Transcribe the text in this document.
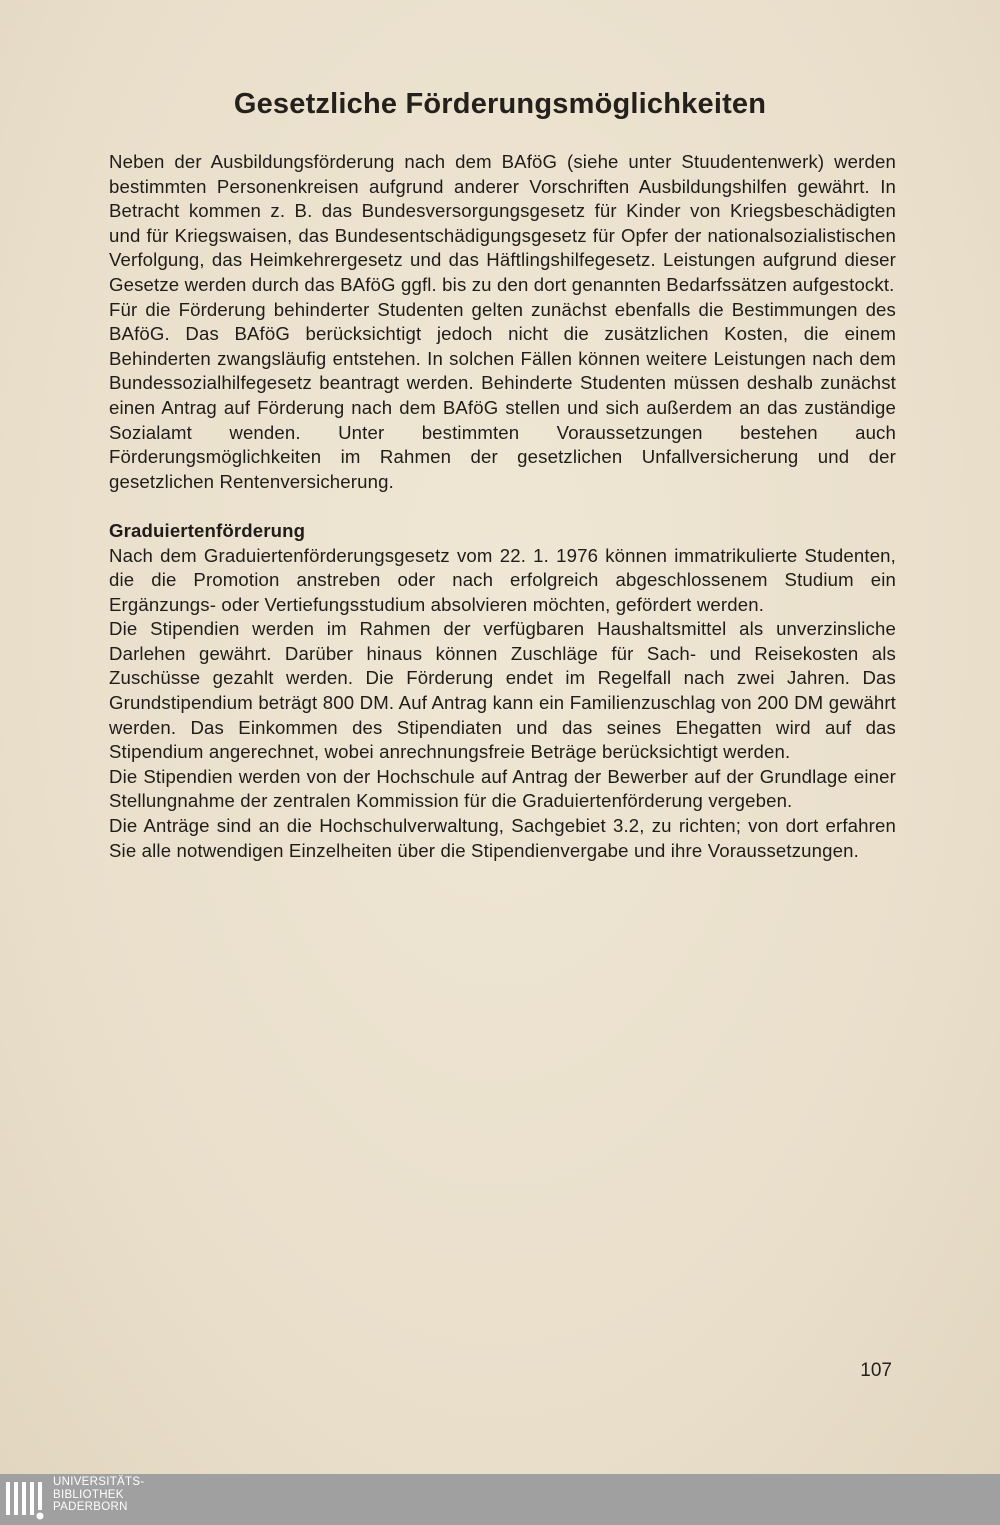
Gesetzliche Förderungsmöglichkeiten

Neben der Ausbildungsförderung nach dem BAföG (siehe unter Stuudentenwerk) werden bestimmten Personenkreisen aufgrund anderer Vorschriften Ausbildungshilfen gewährt. In Betracht kommen z. B. das Bundesversorgungsgesetz für Kinder von Kriegsbeschädigten und für Kriegswaisen, das Bundesentschädigungsgesetz für Opfer der nationalsozialistischen Verfolgung, das Heimkehrergesetz und das Häftlingshilfegesetz. Leistungen aufgrund dieser Gesetze werden durch das BAföG ggfl. bis zu den dort genannten Bedarfssätzen aufgestockt.

Für die Förderung behinderter Studenten gelten zunächst ebenfalls die Bestimmungen des BAföG. Das BAföG berücksichtigt jedoch nicht die zusätzlichen Kosten, die einem Behinderten zwangsläufig entstehen. In solchen Fällen können weitere Leistungen nach dem Bundessozialhilfegesetz beantragt werden. Behinderte Studenten müssen deshalb zunächst einen Antrag auf Förderung nach dem BAföG stellen und sich außerdem an das zuständige Sozialamt wenden. Unter bestimmten Voraussetzungen bestehen auch Förderungsmöglichkeiten im Rahmen der gesetzlichen Unfallversicherung und der gesetzlichen Rentenversicherung.

Graduiertenförderung

Nach dem Graduiertenförderungsgesetz vom 22. 1. 1976 können immatrikulierte Studenten, die die Promotion anstreben oder nach erfolgreich abgeschlossenem Studium ein Ergänzungs- oder Vertiefungsstudium absolvieren möchten, gefördert werden.

Die Stipendien werden im Rahmen der verfügbaren Haushaltsmittel als unverzinsliche Darlehen gewährt. Darüber hinaus können Zuschläge für Sach- und Reisekosten als Zuschüsse gezahlt werden. Die Förderung endet im Regelfall nach zwei Jahren. Das Grundstipendium beträgt 800 DM. Auf Antrag kann ein Familienzuschlag von 200 DM gewährt werden. Das Einkommen des Stipendiaten und das seines Ehegatten wird auf das Stipendium angerechnet, wobei anrechnungsfreie Beträge berücksichtigt werden.

Die Stipendien werden von der Hochschule auf Antrag der Bewerber auf der Grundlage einer Stellungnahme der zentralen Kommission für die Graduiertenförderung vergeben.

Die Anträge sind an die Hochschulverwaltung, Sachgebiet 3.2, zu richten; von dort erfahren Sie alle notwendigen Einzelheiten über die Stipendienvergabe und ihre Voraussetzungen.

107
UNIVERSITÄTS-
BIBLIOTHEK
PADERBORN
